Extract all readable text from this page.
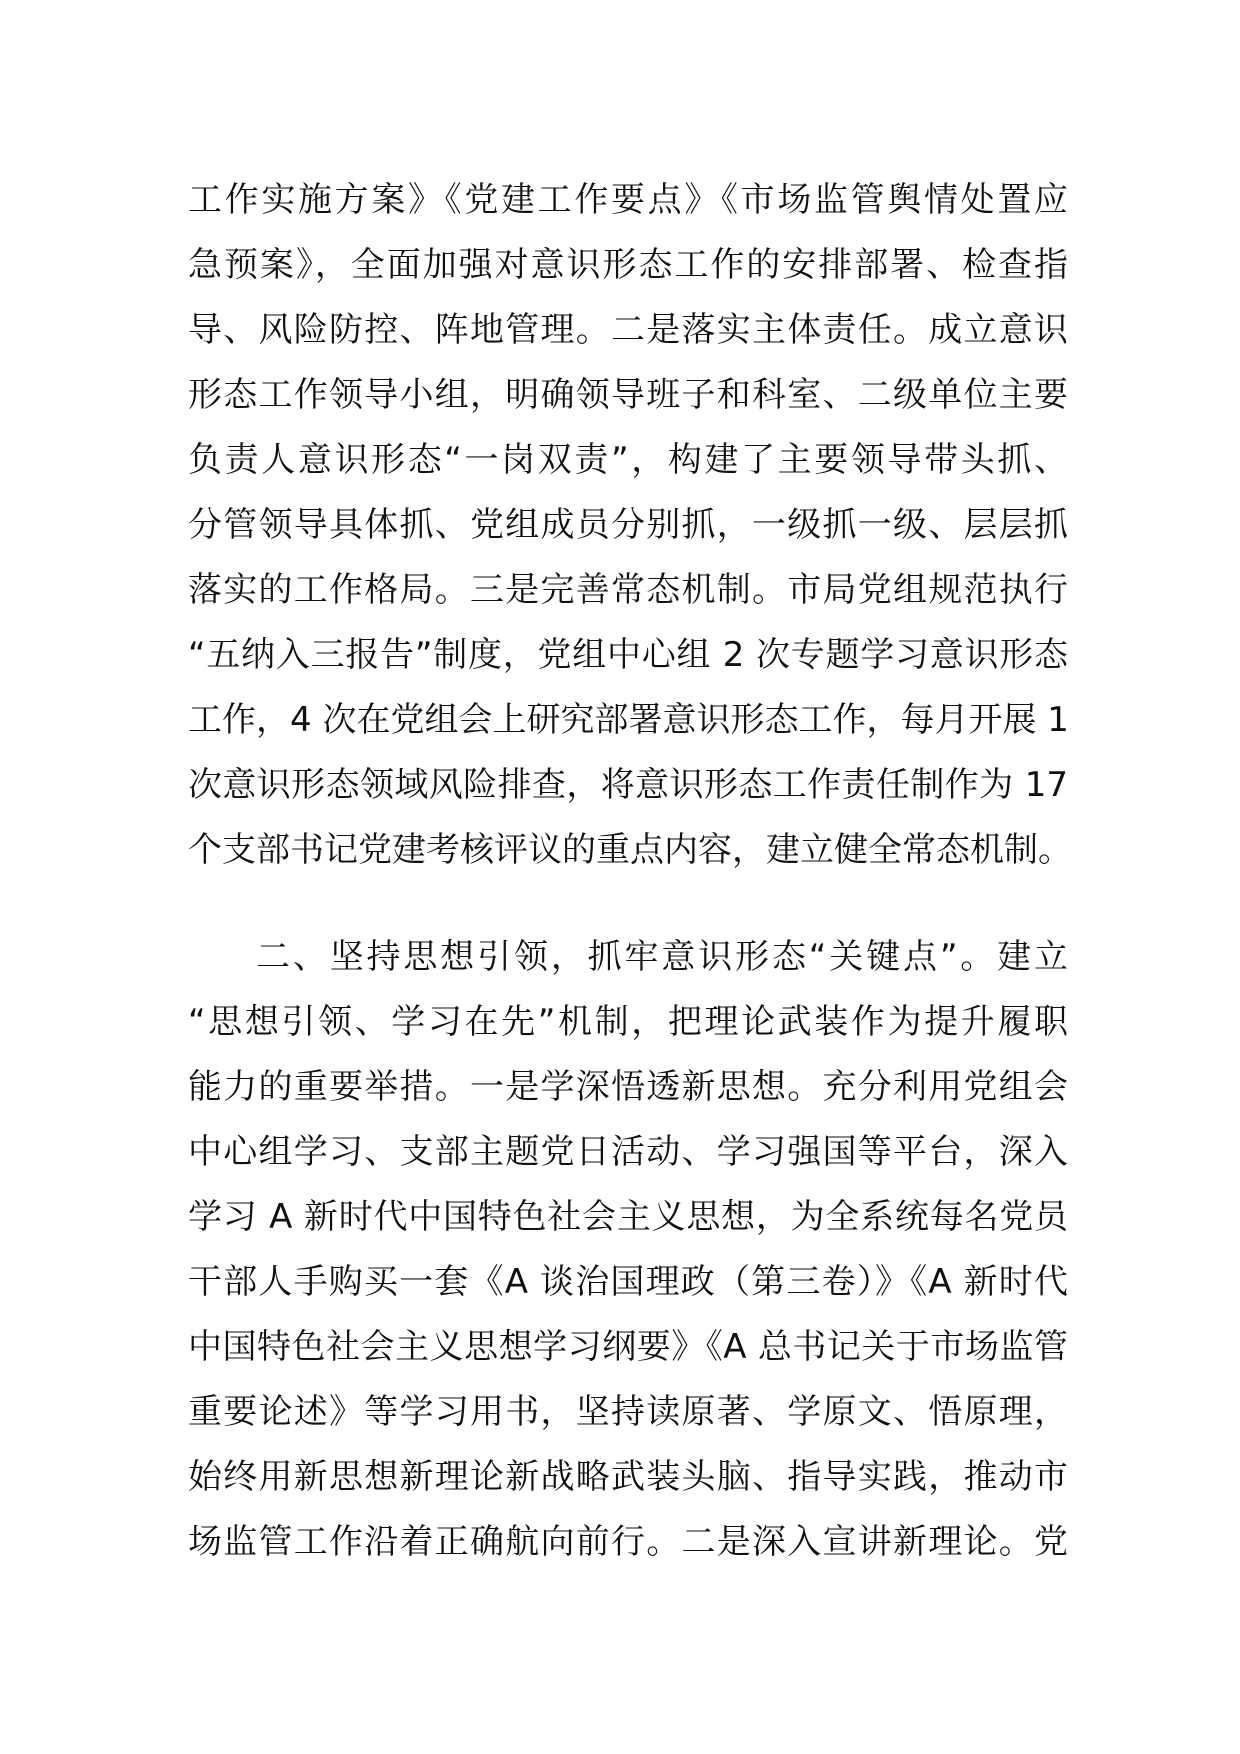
工作实施方案》《党建工作要点》《市场监管舆情处置应
急预案》，全面加强对意识形态工作的安排部署、检查指
导、风险防控、阵地管理。二是落实主体责任。成立意识
形态工作领导小组，明确领导班子和科室、二级单位主要
负责人意识形态“一岗双责”，构建了主要领导带头抓、
分管领导具体抓、党组成员分别抓，一级抓一级、层层抓
落实的工作格局。三是完善常态机制。市局党组规范执行
“五纳入三报告”制度，党组中心组 2 次专题学习意识形态
工作，4 次在党组会上研究部署意识形态工作，每月开展 1
次意识形态领域风险排查，将意识形态工作责任制作为 17
个支部书记党建考核评议的重点内容，建立健全常态机制。
二、坚持思想引领，抓牢意识形态“关键点”。建立
“思想引领、学习在先”机制，把理论武装作为提升履职
能力的重要举措。一是学深悟透新思想。充分利用党组会
中心组学习、支部主题党日活动、学习强国等平台，深入
学习 A 新时代中国特色社会主义思想，为全系统每名党员
干部人手购买一套《A 谈治国理政（第三卷）》《A 新时代
中国特色社会主义思想学习纲要》《A 总书记关于市场监管
重要论述》等学习用书，坚持读原著、学原文、悟原理，
始终用新思想新理论新战略武装头脑、指导实践，推动市
场监管工作沿着正确航向前行。二是深入宣讲新理论。党
